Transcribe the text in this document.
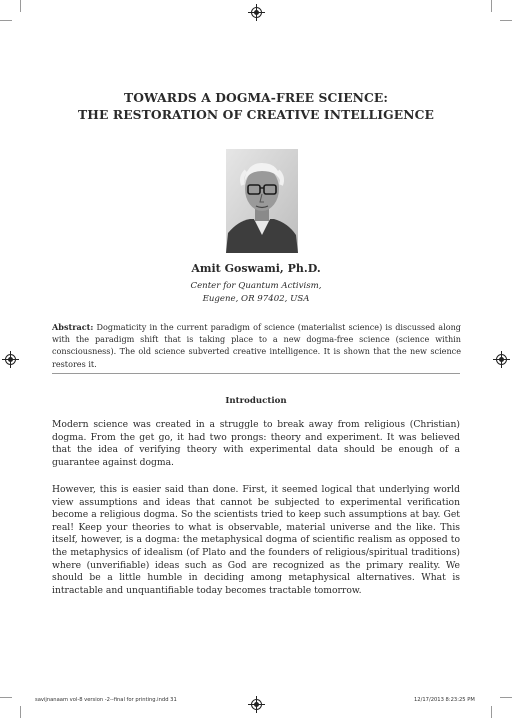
TOWARDS A DOGMA-FREE SCIENCE:
THE RESTORATION OF CREATIVE INTELLIGENCE
Amit Goswami, Ph.D.
Center for Quantum Activism,
Eugene, OR 97402, USA
Abstract: Dogmaticity in the current paradigm of science (materialist science) is discussed along with the paradigm shift that is taking place to a new dogma-free science (science within consciousness). The old science subverted creative intelligence. It is shown that the new science restores it.
Introduction
Modern science was created in a struggle to break away from religious (Christian) dogma. From the get go, it had two prongs: theory and experiment. It was believed that the idea of verifying theory with experimental data should be enough of a guarantee against dogma.
However, this is easier said than done. First, it seemed logical that underlying world view assumptions and ideas that cannot be subjected to experimental verification become a religious dogma. So the scientists tried to keep such assumptions at bay. Get real! Keep your theories to what is observable, material universe and the like. This itself, however, is a dogma: the metaphysical dogma of scientific realism as opposed to the metaphysics of idealism (of Plato and the founders of religious/spiritual traditions) where (unverifiable) ideas such as God are recognized as the primary reality. We should be a little humble in deciding among metaphysical alternatives. What is intractable and unquantifiable today becomes tractable tomorrow.
savijnanaam vol-8 version -2--final for printing.indd 31	12/17/2013 8:23:25 PM
